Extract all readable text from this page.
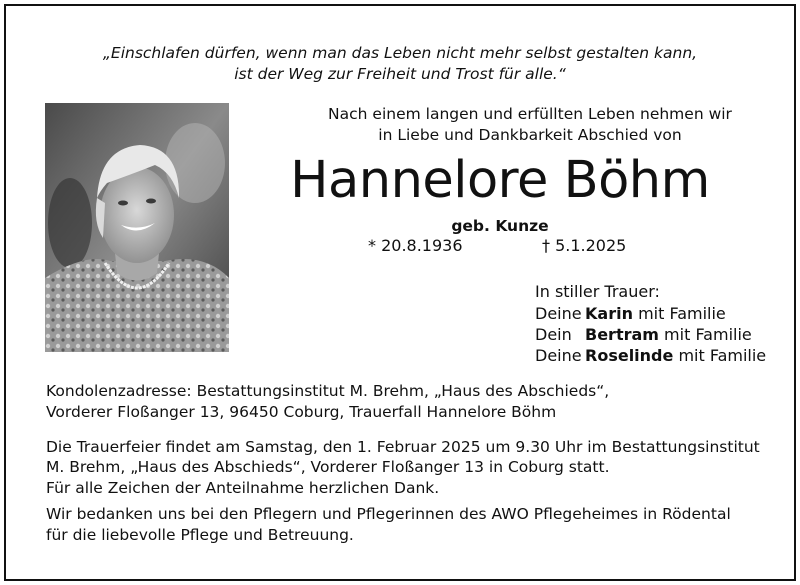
„Einschlafen dürfen, wenn man das Leben nicht mehr selbst gestalten kann,
ist der Weg zur Freiheit und Trost für alle.“
Nach einem langen und erfüllten Leben nehmen wir
in Liebe und Dankbarkeit Abschied von
Hannelore Böhm
geb. Kunze
* 20.8.1936	† 5.1.2025
In stiller Trauer:
Deine Karin mit Familie
Dein Bertram mit Familie
Deine Roselinde mit Familie
Kondolenzadresse: Bestattungsinstitut M. Brehm, „Haus des Abschieds“,
Vorderer Floßanger 13, 96450 Coburg, Trauerfall Hannelore Böhm
Die Trauerfeier findet am Samstag, den 1. Februar 2025 um 9.30 Uhr im Bestattungsinstitut
M. Brehm, „Haus des Abschieds“, Vorderer Floßanger 13 in Coburg statt.
Für alle Zeichen der Anteilnahme herzlichen Dank.
Wir bedanken uns bei den Pflegern und Pflegerinnen des AWO Pflegeheimes in Rödental
für die liebevolle Pflege und Betreuung.
